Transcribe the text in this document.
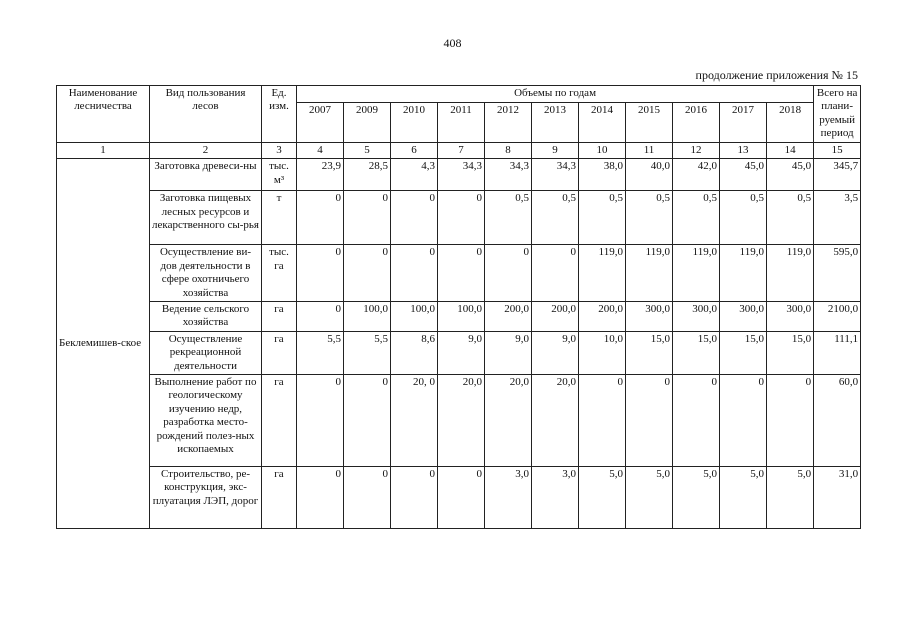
408
продолжение приложения № 15
Наименование лесничества	Вид пользования лесов	Ед. изм.	Объемы по годам											Всего на плани-руемый период
			2007	2009	2010	2011	2012	2013	2014	2015	2016	2017	2018	
1	2	3	4	5	6	7	8	9	10	11	12	13	14	15
Беклемишев-ское	Заготовка древеси-ны	тыс. м³	23,9	28,5	4,3	34,3	34,3	34,3	38,0	40,0	42,0	45,0	45,0	345,7
	Заготовка пищевых лесных ресурсов и лекарственного сы-рья	т	0	0	0	0	0,5	0,5	0,5	0,5	0,5	0,5	0,5	3,5
	Осуществление ви-дов деятельности в сфере охотничьего хозяйства	тыс. га	0	0	0	0	0	0	119,0	119,0	119,0	119,0	119,0	595,0
	Ведение сельского хозяйства	га	0	100,0	100,0	100,0	200,0	200,0	200,0	300,0	300,0	300,0	300,0	2100,0
	Осуществление рекреационной деятельности	га	5,5	5,5	8,6	9,0	9,0	9,0	10,0	15,0	15,0	15,0	15,0	111,1
	Выполнение работ по геологическому изучению недр, разработка место-рождений полез-ных ископаемых	га	0	0	20, 0	20,0	20,0	20,0	0	0	0	0	0	60,0
	Строительство, ре-конструкция, экс-плуатация ЛЭП, дорог	га	0	0	0	0	3,0	3,0	5,0	5,0	5,0	5,0	5,0	31,0
